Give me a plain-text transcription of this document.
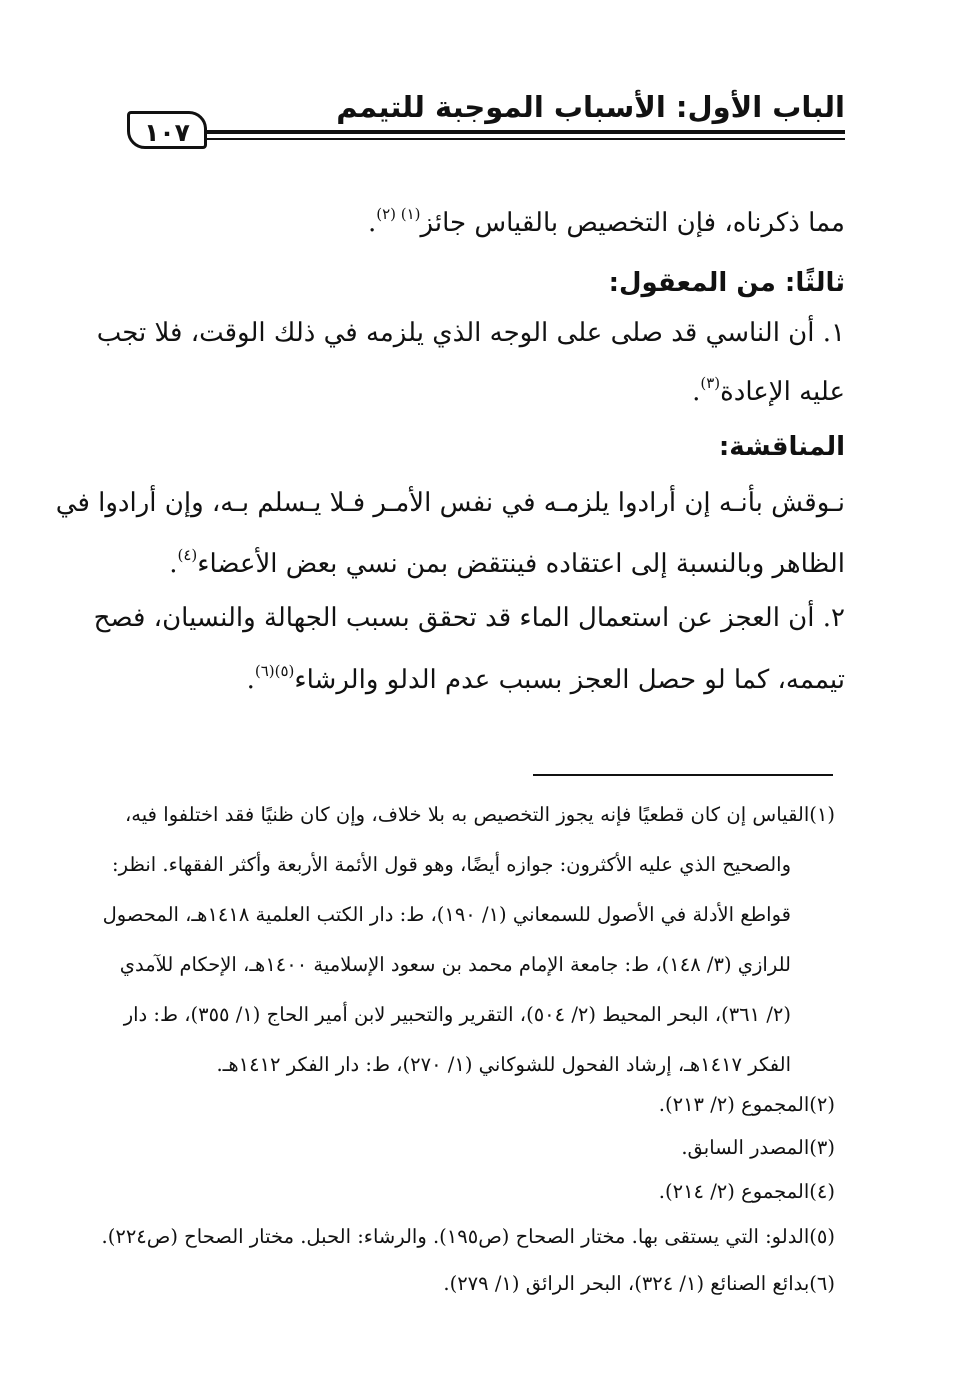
الباب الأول: الأسباب الموجبة للتيمم
١٠٧
مما ذكرناه، فإن التخصيص بالقياس جائز$^{(١) (٢)}$.
ثالثًا: من المعقول:
١. أن الناسي قد صلى على الوجه الذي يلزمه في ذلك الوقت، فلا تجب
عليه الإعادة$^{(٣)}$.
المناقشة:
نـوقش بأنـه إن أرادوا يلزمـه في نفس الأمـر فـلا يـسلم بـه، وإن أرادوا في
الظاهر وبالنسبة إلى اعتقاده فينتقض بمن نسي بعض الأعضاء$^{(٤)}$.
٢. أن العجز عن استعمال الماء قد تحقق بسبب الجهالة والنسيان، فصح
تيممه، كما لو حصل العجز بسبب عدم الدلو والرشاء$^{(٥)(٦)}$.
(١)القياس إن كان قطعيًا فإنه يجوز التخصيص به بلا خلاف، وإن كان ظنيًا فقد اختلفوا فيه،
والصحيح الذي عليه الأكثرون: جوازه أيضًا، وهو قول الأئمة الأربعة وأكثر الفقهاء. انظر:
قواطع الأدلة في الأصول للسمعاني (١/ ١٩٠)، ط: دار الكتب العلمية ١٤١٨هـ، المحصول
للرازي (٣/ ١٤٨)، ط: جامعة الإمام محمد بن سعود الإسلامية ١٤٠٠هـ، الإحكام للآمدي
(٢/ ٣٦١)، البحر المحيط (٢/ ٥٠٤)، التقرير والتحبير لابن أمير الحاج (١/ ٣٥٥)، ط: دار
الفكر ١٤١٧هـ، إرشاد الفحول للشوكاني (١/ ٢٧٠)، ط: دار الفكر ١٤١٢هـ.
(٢)المجموع (٢/ ٢١٣).
(٣)المصدر السابق.
(٤)المجموع (٢/ ٢١٤).
(٥)الدلو: التي يستقى بها. مختار الصحاح (ص١٩٥). والرشاء: الحبل. مختار الصحاح (ص٢٢٤).
(٦)بدائع الصنائع (١/ ٣٢٤)، البحر الرائق (١/ ٢٧٩).
